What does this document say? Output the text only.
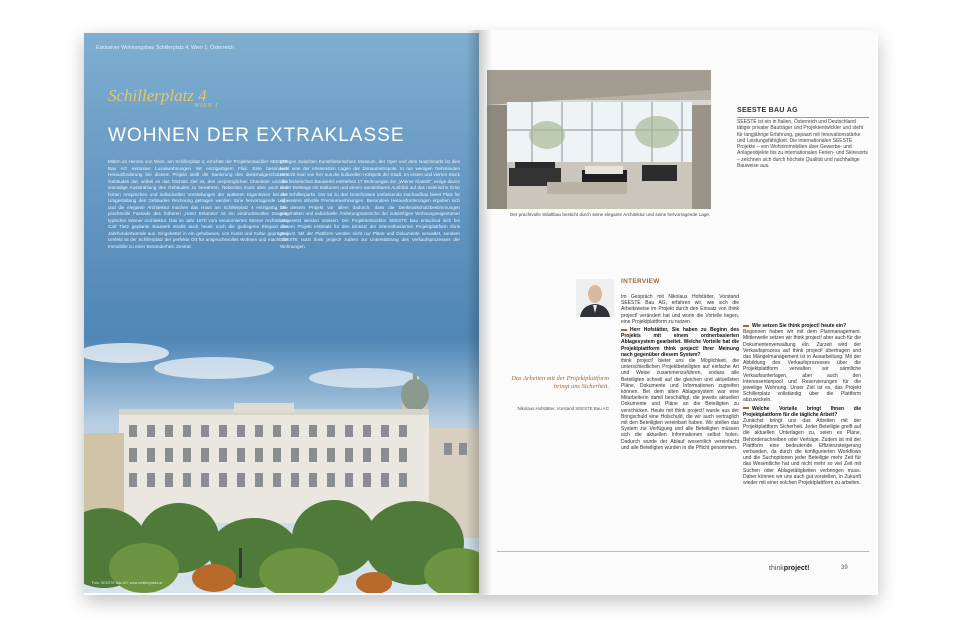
Exklusiver Wohnungsbau Schillerplatz 4, Wien 1, Österreich
Schillerplatz 4
WIEN 1
WOHNEN DER EXTRAKLASSE

Mitten im Herzen von Wien, am Schillerplatz 4, errichtet der Projektentwickler SEESTE Bau AG exklusive Luxuswohnungen mit einzigartigem Flair. Eine besondere Herausforderung bei diesem Projekt stellt die Sanierung des denkmalgeschützten Gebäudes dar, wobei es das höchste Ziel ist, den ursprünglichen Charakter und die einmalige Ausstrahlung des Gebäudes zu bewahren. Nebenbei muss aber auch den hohen Ansprüchen und individuellen Vorstellungen der späteren Eigentümer bei der Umgestaltung des Gebäudes Rechnung getragen werden. Eine hervorragende Lage und die elegante Architektur machen das Haus am Schillerplatz 4 einzigartig. Die prachtvolle Fassade des früheren „Hotel Britannia“ ist ein eindrucksvolles Zeugnis typischer Wiener Architektur. Das im Jahr 1870 vom renommierten Wiener Architekten Carl Tietz geplante Bauwerk strahlt auch heute noch die gediegene Eleganz der Jahrhundertwende aus. Eingebettet in ein gehobenes, von Kunst und Kultur geprägtes Umfeld ist der Schillerplatz der perfekte Ort für anspruchsvolles Wohnen und macht die Immobilie zu einer Besonderheit. Zentral

gelegen zwischen Kunsthistorischem Museum, der Oper und dem Naschmarkt ist dies wohl eine der erlesensten Lagen der Donaumetropole. In nur wenigen Gehminuten erreicht man von hier aus die kulturellen Hotspots der Stadt. Im ersten und vierten Stock des historischen Bauwerks entstehen 17 Wohnungen der „Wiener Klassik“, einige davon in der Beletage mit Balkonen und einem wunderbaren Ausblick auf das malerische Grün des Schillerparks. Der 5a zu drei Geschossen umfassende Dachaufbau bietet Platz für elf weitere stilvolle Premiumwohnungen. Besondere Herausforderungen ergeben sich bei diesem Projekt vor allem dadurch, dass die Denkmalschutzbestimmungen eingehalten und individuelle Änderungswünsche der zukünftigen Wohnungseigentümer umgesetzt werden müssen. Der Projektentwickler SEESTE Bau entschied sich bei diesem Projekt erstmals für den Einsatz der internetbasierten Projektplattform think project!. Mit der Plattform werden nicht nur Pläne und Dokumente verwaltet, sondern SEESTE nutzt think project! zudem zur Unterstützung des Verkaufsprozesses der Wohnungen.

Foto: SEESTE Bau AG, www.schillerplatz4.at
Der prachtvolle Stilaltbau besticht durch seine elegante Architektur und seine hervorragende Lage.
SEESTE BAU AG

SEESTE ist ein in Italien, Österreich und Deutschland tätiger privater Bauträger und Projektentwickler und steht für langjährige Erfahrung, gepaart mit Innovationsstärke und Leistungsfähigkeit. Die internationalen SEESTE Projekte – von Wohnimmobilien über Gewerbe- und Anlageobjekte bis zu internationalen Ferien- und Skiresorts – zeichnen sich durch höchste Qualität und nachhaltige Bauweise aus.

INTERVIEW
Das Arbeiten mit der Projektplattform bringt uns Sicherheit.
Nikolaus Hofstätter, Vorstand SEESTE Bau AG

Im Gespräch mit Nikolaus Hofstätter, Vorstand SEESTE Bau AG, erfahren wir, wie sich die Arbeitsweise im Projekt durch den Einsatz von think project! verändert hat und worin die Vorteile liegen, eine Projektplattform zu nutzen.

Herr Hofstätter, Sie haben zu Beginn des Projekts mit einem ordnerbasierten Ablagesystem gearbeitet. Welche Vorteile hat die Projektplattform think project! Ihrer Meinung nach gegenüber diesem System?

think project! bietet uns die Möglichkeit, die unterschiedlichen Projektbeteiligten auf einfache Art und Weise zusammenzuführen, sodass alle Beteiligten schnell auf die gleichen und aktuellsten Pläne, Dokumente und Informationen zugreifen können. Bei dem alten Ablagesystem war eine Mitarbeiterin damit beschäftigt, die jeweils aktuellen Dokumente und Pläne an die Beteiligten zu verschicken. Heute mit think project! wurde aus der Bringschuld eine Holschuld, die wir auch vertraglich mit den Beteiligten vereinbart haben. Wir stellen das System zur Verfügung und alle Beteiligten müssen sich die aktuellen Informationen selbst holen. Dadurch wurde der Ablauf wesentlich vereinfacht und alle Beteiligten wurden in die Pflicht genommen.

Wie setzen Sie think project! heute ein?

Begonnen haben wir mit dem Planmanagement. Mittlerweile setzen wir think project! aber auch für die Dokumentenverwaltung ein. Zurzeit wird der Verkaufsprozess auf think project! übertragen und das Mängelmanagement ist in Ausarbeitung. Mit der Abbildung des Verkaufsprozesses über die Projektplattform verwalten wir sämtliche Verkaufsunterlagen, aber auch den Interessentenpool und Reservierungen für die jeweilige Wohnung. Unser Ziel ist es, das Projekt Schillerplatz vollständig über die Plattform abzuwickeln.

Welche Vorteile bringt Ihnen die Projektplattform für die tägliche Arbeit?

Zunächst bringt uns das Arbeiten mit der Projektplattform Sicherheit. Jeder Beteiligte greift auf die aktuellen Unterlagen zu, seien es Pläne, Behördenschreiben oder Verträge. Zudem ist mit der Plattform eine bedeutende Effizienzsteigerung verbunden, da durch die konfigurierten Workflows und die Suchoptionen jeder Beteiligte mehr Zeit für das Wesentliche hat und nicht mehr so viel Zeit mit Suchen oder Ablagetätigkeiten verbringen muss. Daher können wir uns auch gut vorstellen, in Zukunft wieder mit einer solchen Projektplattform zu arbeiten.

thinkproject!	39
